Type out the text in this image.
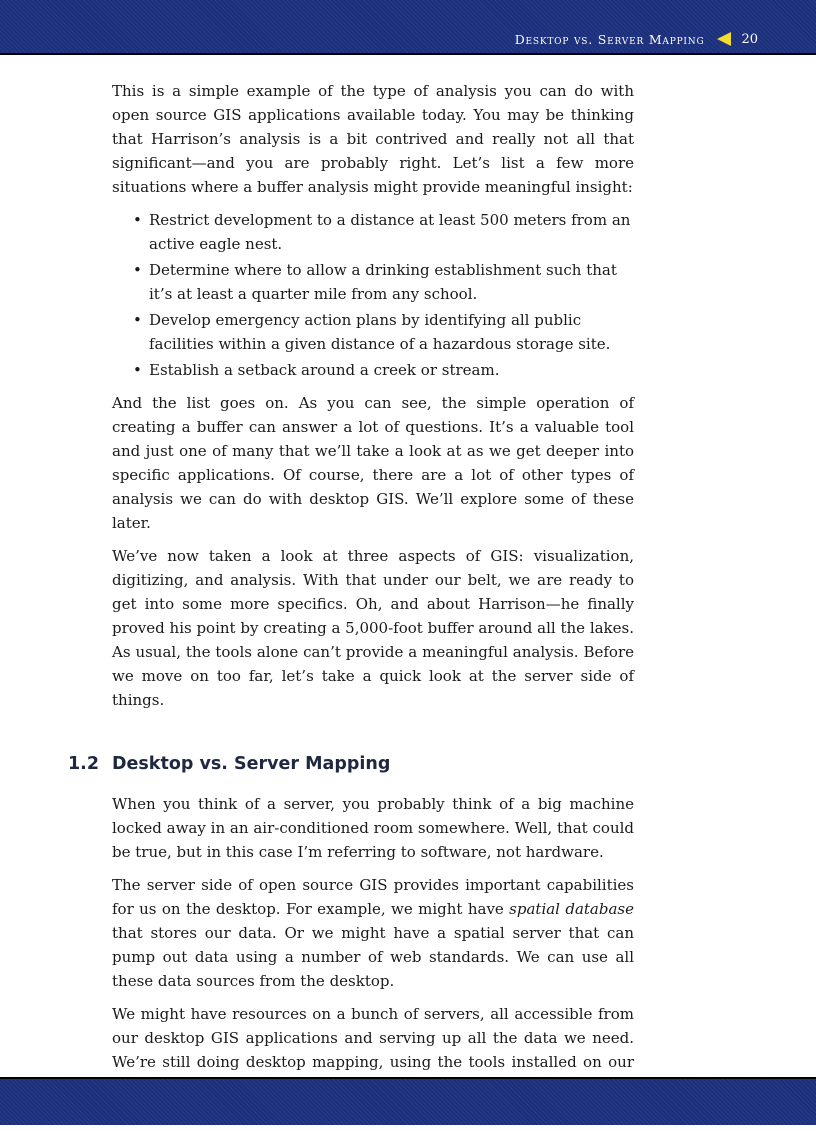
Desktop vs. Server Mapping	20

This is a simple example of the type of analysis you can do with open source GIS applications available today. You may be thinking that Harrison’s analysis is a bit contrived and really not all that significant—and you are probably right. Let’s list a few more situations where a buffer analysis might provide meaningful insight:

• Restrict development to a distance at least 500 meters from an active eagle nest.
• Determine where to allow a drinking establishment such that it’s at least a quarter mile from any school.
• Develop emergency action plans by identifying all public facilities within a given distance of a hazardous storage site.
• Establish a setback around a creek or stream.

And the list goes on. As you can see, the simple operation of creating a buffer can answer a lot of questions. It’s a valuable tool and just one of many that we’ll take a look at as we get deeper into specific applications. Of course, there are a lot of other types of analysis we can do with desktop GIS. We’ll explore some of these later.

We’ve now taken a look at three aspects of GIS: visualization, digitizing, and analysis. With that under our belt, we are ready to get into some more specifics. Oh, and about Harrison—he finally proved his point by creating a 5,000-foot buffer around all the lakes. As usual, the tools alone can’t provide a meaningful analysis. Before we move on too far, let’s take a quick look at the server side of things.

1.2 Desktop vs. Server Mapping

When you think of a server, you probably think of a big machine locked away in an air-conditioned room somewhere. Well, that could be true, but in this case I’m referring to software, not hardware.

The server side of open source GIS provides important capabilities for us on the desktop. For example, we might have spatial database that stores our data. Or we might have a spatial server that can pump out data using a number of web standards. We can use all these data sources from the desktop.

We might have resources on a bunch of servers, all accessible from our desktop GIS applications and serving up all the data we need. We’re still doing desktop mapping, using the tools installed on our
